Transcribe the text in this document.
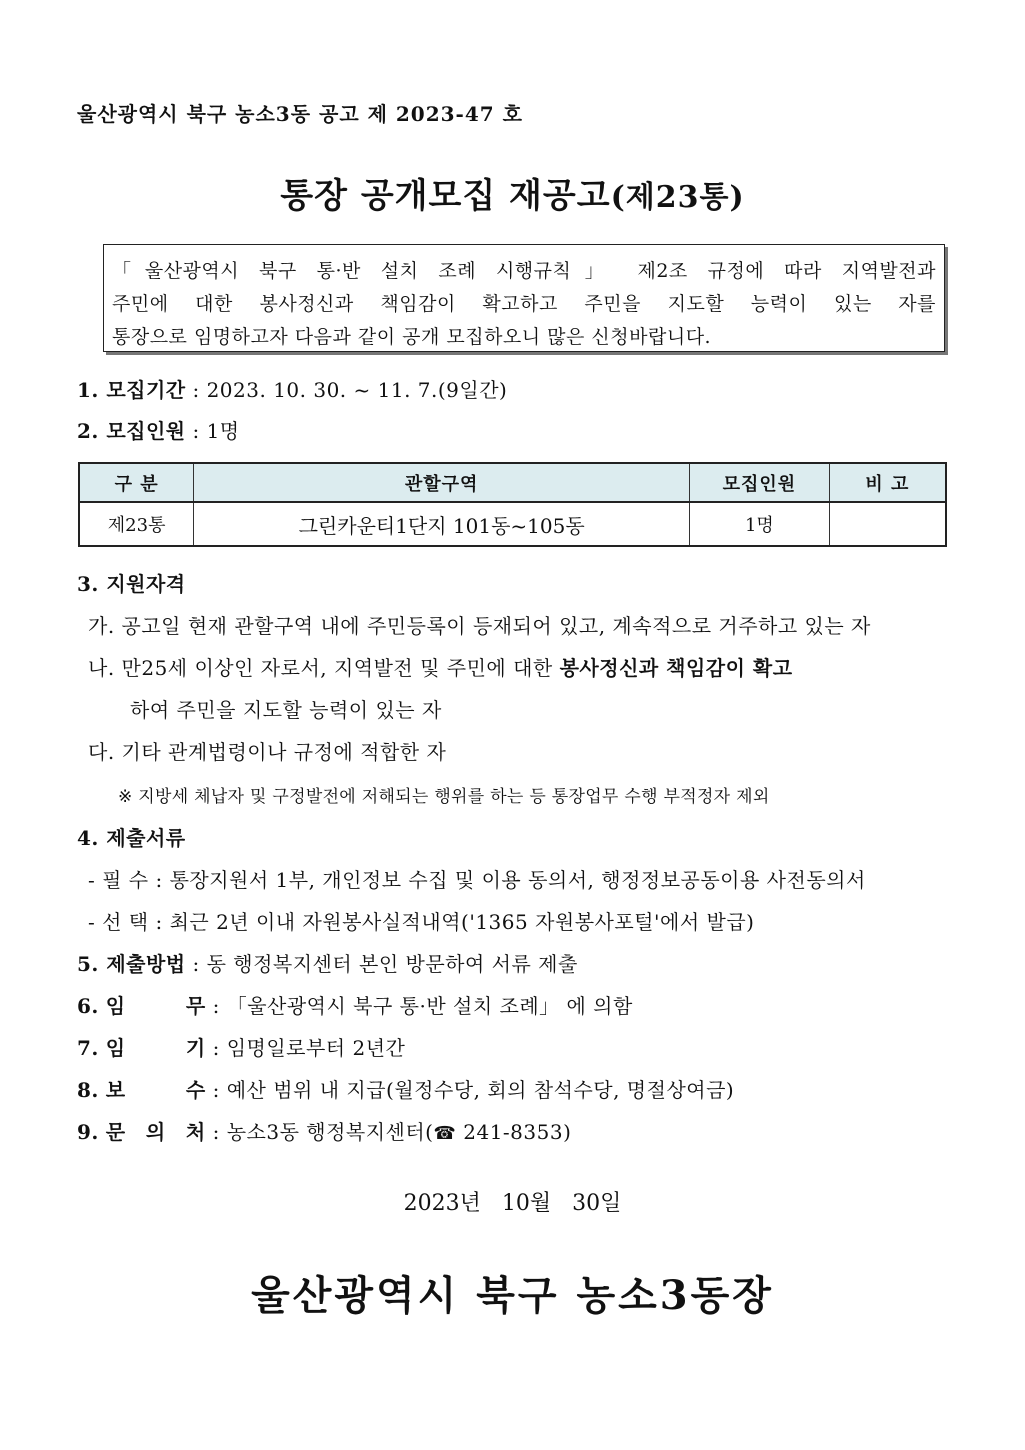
울산광역시 북구 농소3동 공고 제 2023-47 호
통장 공개모집 재공고(제23통)
「울산광역시 북구 통·반 설치 조례 시행규칙」 제2조 규정에 따라 지역발전과
주민에 대한 봉사정신과 책임감이 확고하고 주민을 지도할 능력이 있는 자를
통장으로 임명하고자 다음과 같이 공개 모집하오니 많은 신청바랍니다.
1. 모집기간 : 2023. 10. 30. ~ 11. 7.(9일간)
2. 모집인원 : 1명
구 분	관할구역	모집인원	비 고
제23통	그린카운티1단지 101동~105동	1명	
3. 지원자격
가. 공고일 현재 관할구역 내에 주민등록이 등재되어 있고, 계속적으로 거주하고 있는 자
나. 만25세 이상인 자로서, 지역발전 및 주민에 대한 봉사정신과 책임감이 확고
하여 주민을 지도할 능력이 있는 자
다. 기타 관계법령이나 규정에 적합한 자
※ 지방세 체납자 및 구정발전에 저해되는 행위를 하는 등 통장업무 수행 부적정자 제외
4. 제출서류
- 필 수 : 통장지원서 1부, 개인정보 수집 및 이용 동의서, 행정정보공동이용 사전동의서
- 선 택 : 최근 2년 이내 자원봉사실적내역('1365 자원봉사포털'에서 발급)
5. 제출방법 : 동 행정복지센터 본인 방문하여 서류 제출
6. 임 무 : 「울산광역시 북구 통·반 설치 조례」 에 의함
7. 임 기 : 임명일로부터 2년간
8. 보 수 : 예산 범위 내 지급(월정수당, 회의 참석수당, 명절상여금)
9. 문 의 처 : 농소3동 행정복지센터(☎ 241-8353)
2023년 10월 30일
울산광역시 북구 농소3동장
